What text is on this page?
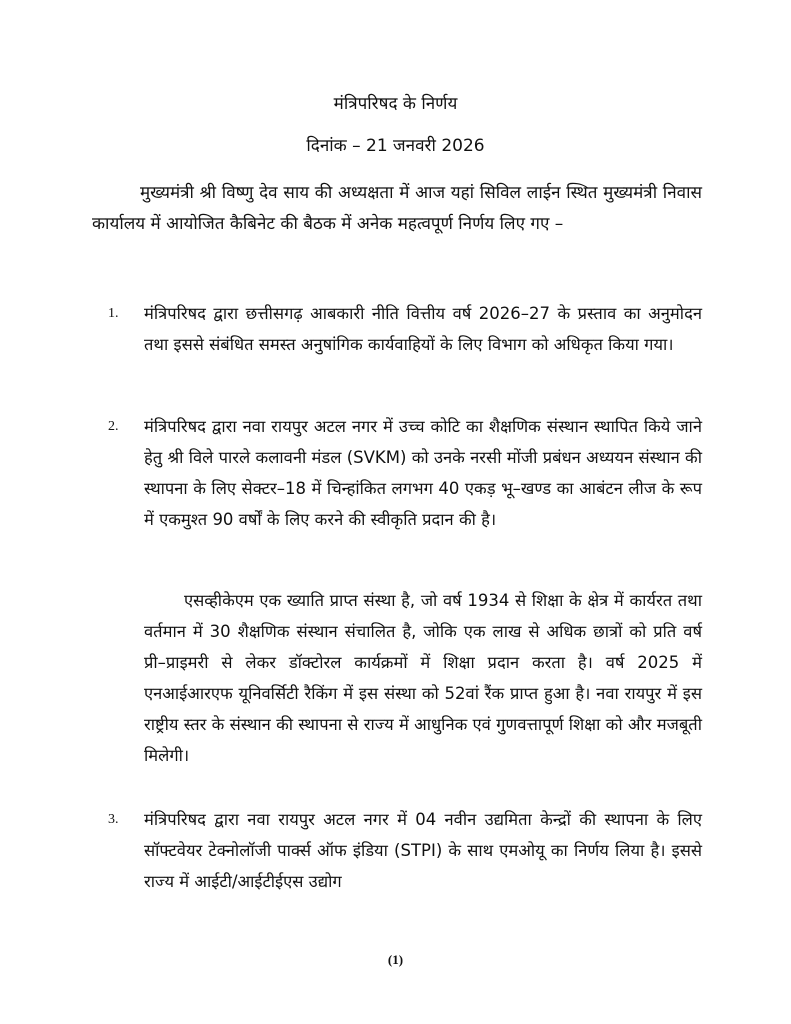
मंत्रिपरिषद के निर्णय
दिनांक – 21 जनवरी 2026
मुख्यमंत्री श्री विष्णु देव साय की अध्यक्षता में आज यहां सिविल लाईन स्थित मुख्यमंत्री निवास कार्यालय में आयोजित कैबिनेट की बैठक में अनेक महत्वपूर्ण निर्णय लिए गए –
1. मंत्रिपरिषद द्वारा छत्तीसगढ़ आबकारी नीति वित्तीय वर्ष 2026–27 के प्रस्ताव का अनुमोदन तथा इससे संबंधित समस्त अनुषांगिक कार्यवाहियों के लिए विभाग को अधिकृत किया गया।
2. मंत्रिपरिषद द्वारा नवा रायपुर अटल नगर में उच्च कोटि का शैक्षणिक संस्थान स्थापित किये जाने हेतु श्री विले पारले कलावनी मंडल (SVKM) को उनके नरसी मोंजी प्रबंधन अध्ययन संस्थान की स्थापना के लिए सेक्टर–18 में चिन्हांकित लगभग 40 एकड़ भू–खण्ड का आबंटन लीज के रूप में एकमुश्त 90 वर्षों के लिए करने की स्वीकृति प्रदान की है।
एसव्हीकेएम एक ख्याति प्राप्त संस्था है, जो वर्ष 1934 से शिक्षा के क्षेत्र में कार्यरत तथा वर्तमान में 30 शैक्षणिक संस्थान संचालित है, जोकि एक लाख से अधिक छात्रों को प्रति वर्ष प्री–प्राइमरी से लेकर डॉक्टोरल कार्यक्रमों में शिक्षा प्रदान करता है। वर्ष 2025 में एनआईआरएफ यूनिवर्सिटी रैकिंग में इस संस्था को 52वां रैंक प्राप्त हुआ है। नवा रायपुर में इस राष्ट्रीय स्तर के संस्थान की स्थापना से राज्य में आधुनिक एवं गुणवत्तापूर्ण शिक्षा को और मजबूती मिलेगी।
3. मंत्रिपरिषद द्वारा नवा रायपुर अटल नगर में 04 नवीन उद्यमिता केन्द्रों की स्थापना के लिए सॉफ्टवेयर टेक्नोलॉजी पार्क्स ऑफ इंडिया (STPI) के साथ एमओयू का निर्णय लिया है। इससे राज्य में आईटी/आईटीईएस उद्योग
(1)
